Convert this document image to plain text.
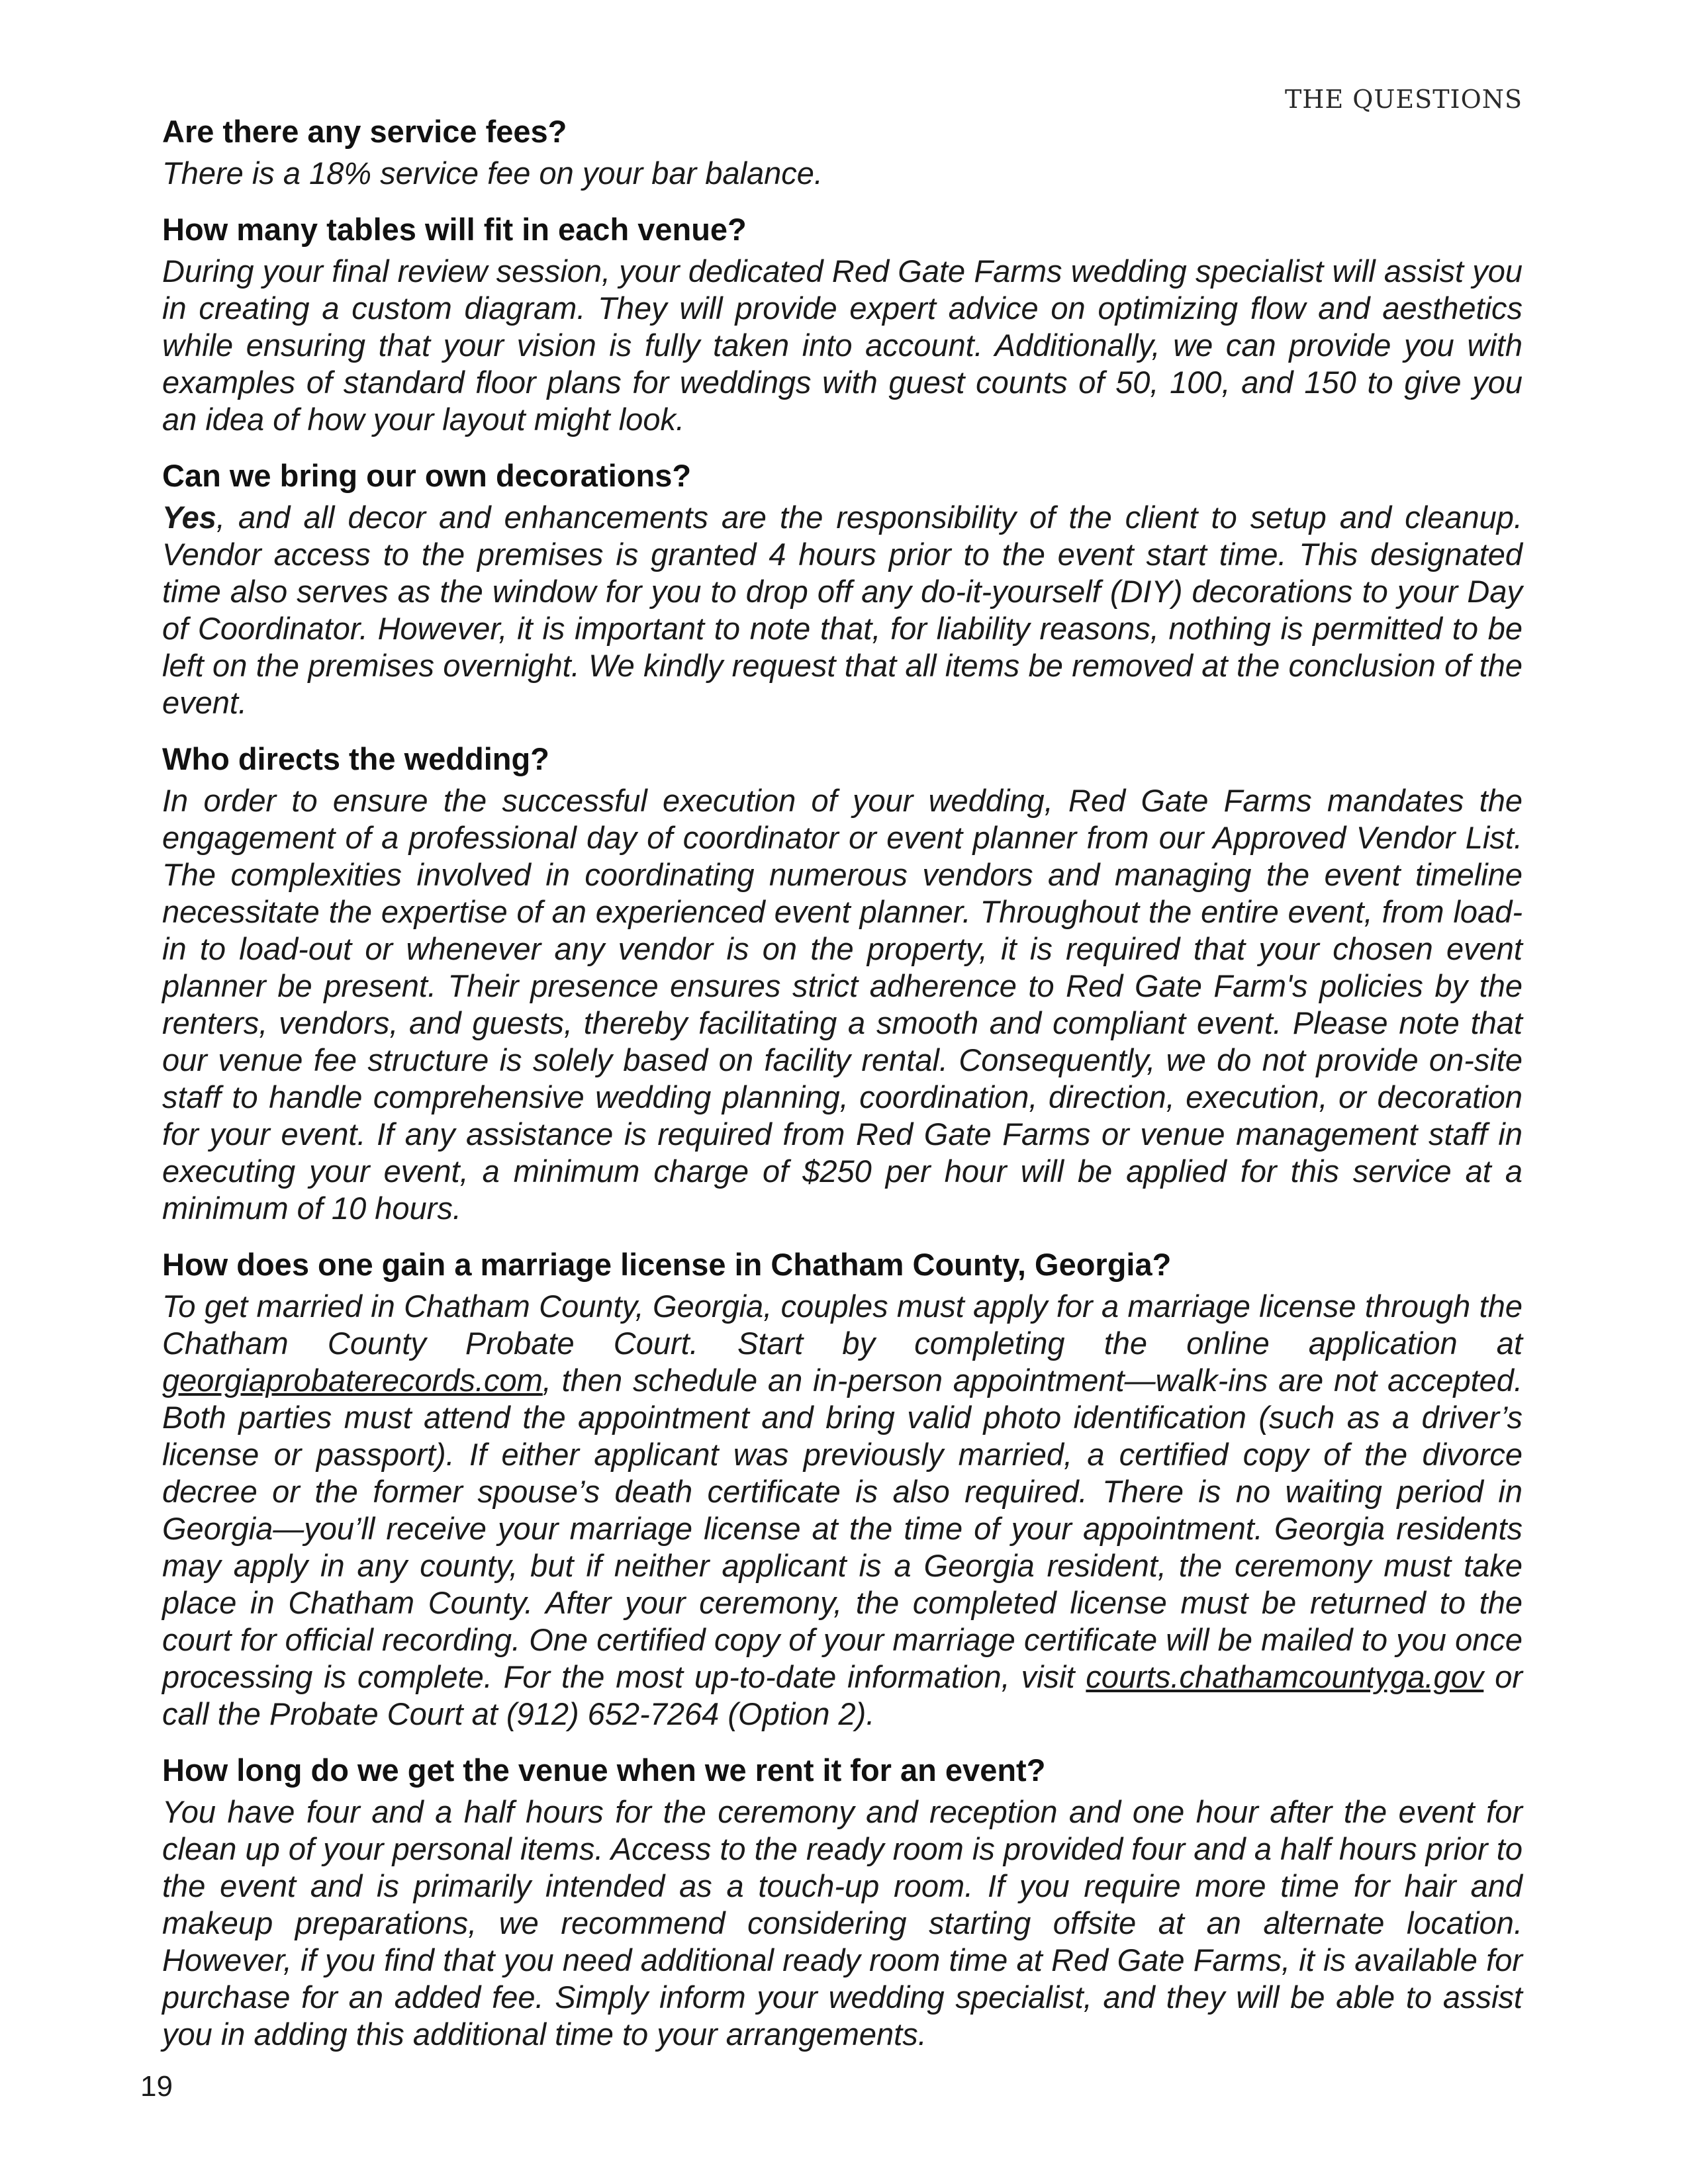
THE QUESTIONS

Are there any service fees?

There is a 18% service fee on your bar balance.

How many tables will fit in each venue?

During your final review session, your dedicated Red Gate Farms wedding specialist will assist you in creating a custom diagram. They will provide expert advice on optimizing flow and aesthetics while ensuring that your vision is fully taken into account. Additionally, we can provide you with examples of standard floor plans for weddings with guest counts of 50, 100, and 150 to give you an idea of how your layout might look.

Can we bring our own decorations?

Yes, and all decor and enhancements are the responsibility of the client to setup and cleanup. Vendor access to the premises is granted 4 hours prior to the event start time. This designated time also serves as the window for you to drop off any do-it-yourself (DIY) decorations to your Day of Coordinator. However, it is important to note that, for liability reasons, nothing is permitted to be left on the premises overnight. We kindly request that all items be removed at the conclusion of the event.

Who directs the wedding?

In order to ensure the successful execution of your wedding, Red Gate Farms mandates the engagement of a professional day of coordinator or event planner from our Approved Vendor List. The complexities involved in coordinating numerous vendors and managing the event timeline necessitate the expertise of an experienced event planner. Throughout the entire event, from load-in to load-out or whenever any vendor is on the property, it is required that your chosen event planner be present. Their presence ensures strict adherence to Red Gate Farm's policies by the renters, vendors, and guests, thereby facilitating a smooth and compliant event. Please note that our venue fee structure is solely based on facility rental. Consequently, we do not provide on-site staff to handle comprehensive wedding planning, coordination, direction, execution, or decoration for your event. If any assistance is required from Red Gate Farms or venue management staff in executing your event, a minimum charge of $250 per hour will be applied for this service at a minimum of 10 hours.

How does one gain a marriage license in Chatham County, Georgia?

To get married in Chatham County, Georgia, couples must apply for a marriage license through the Chatham County Probate Court. Start by completing the online application at georgiaprobaterecords.com, then schedule an in-person appointment—walk-ins are not accepted. Both parties must attend the appointment and bring valid photo identification (such as a driver’s license or passport). If either applicant was previously married, a certified copy of the divorce decree or the former spouse’s death certificate is also required. There is no waiting period in Georgia—you’ll receive your marriage license at the time of your appointment. Georgia residents may apply in any county, but if neither applicant is a Georgia resident, the ceremony must take place in Chatham County. After your ceremony, the completed license must be returned to the court for official recording. One certified copy of your marriage certificate will be mailed to you once processing is complete. For the most up-to-date information, visit courts.chathamcountyga.gov or call the Probate Court at (912) 652-7264 (Option 2).

How long do we get the venue when we rent it for an event?

You have four and a half hours for the ceremony and reception and one hour after the event for clean up of your personal items. Access to the ready room is provided four and a half hours prior to the event and is primarily intended as a touch-up room. If you require more time for hair and makeup preparations, we recommend considering starting offsite at an alternate location. However, if you find that you need additional ready room time at Red Gate Farms, it is available for purchase for an added fee. Simply inform your wedding specialist, and they will be able to assist you in adding this additional time to your arrangements.

19
